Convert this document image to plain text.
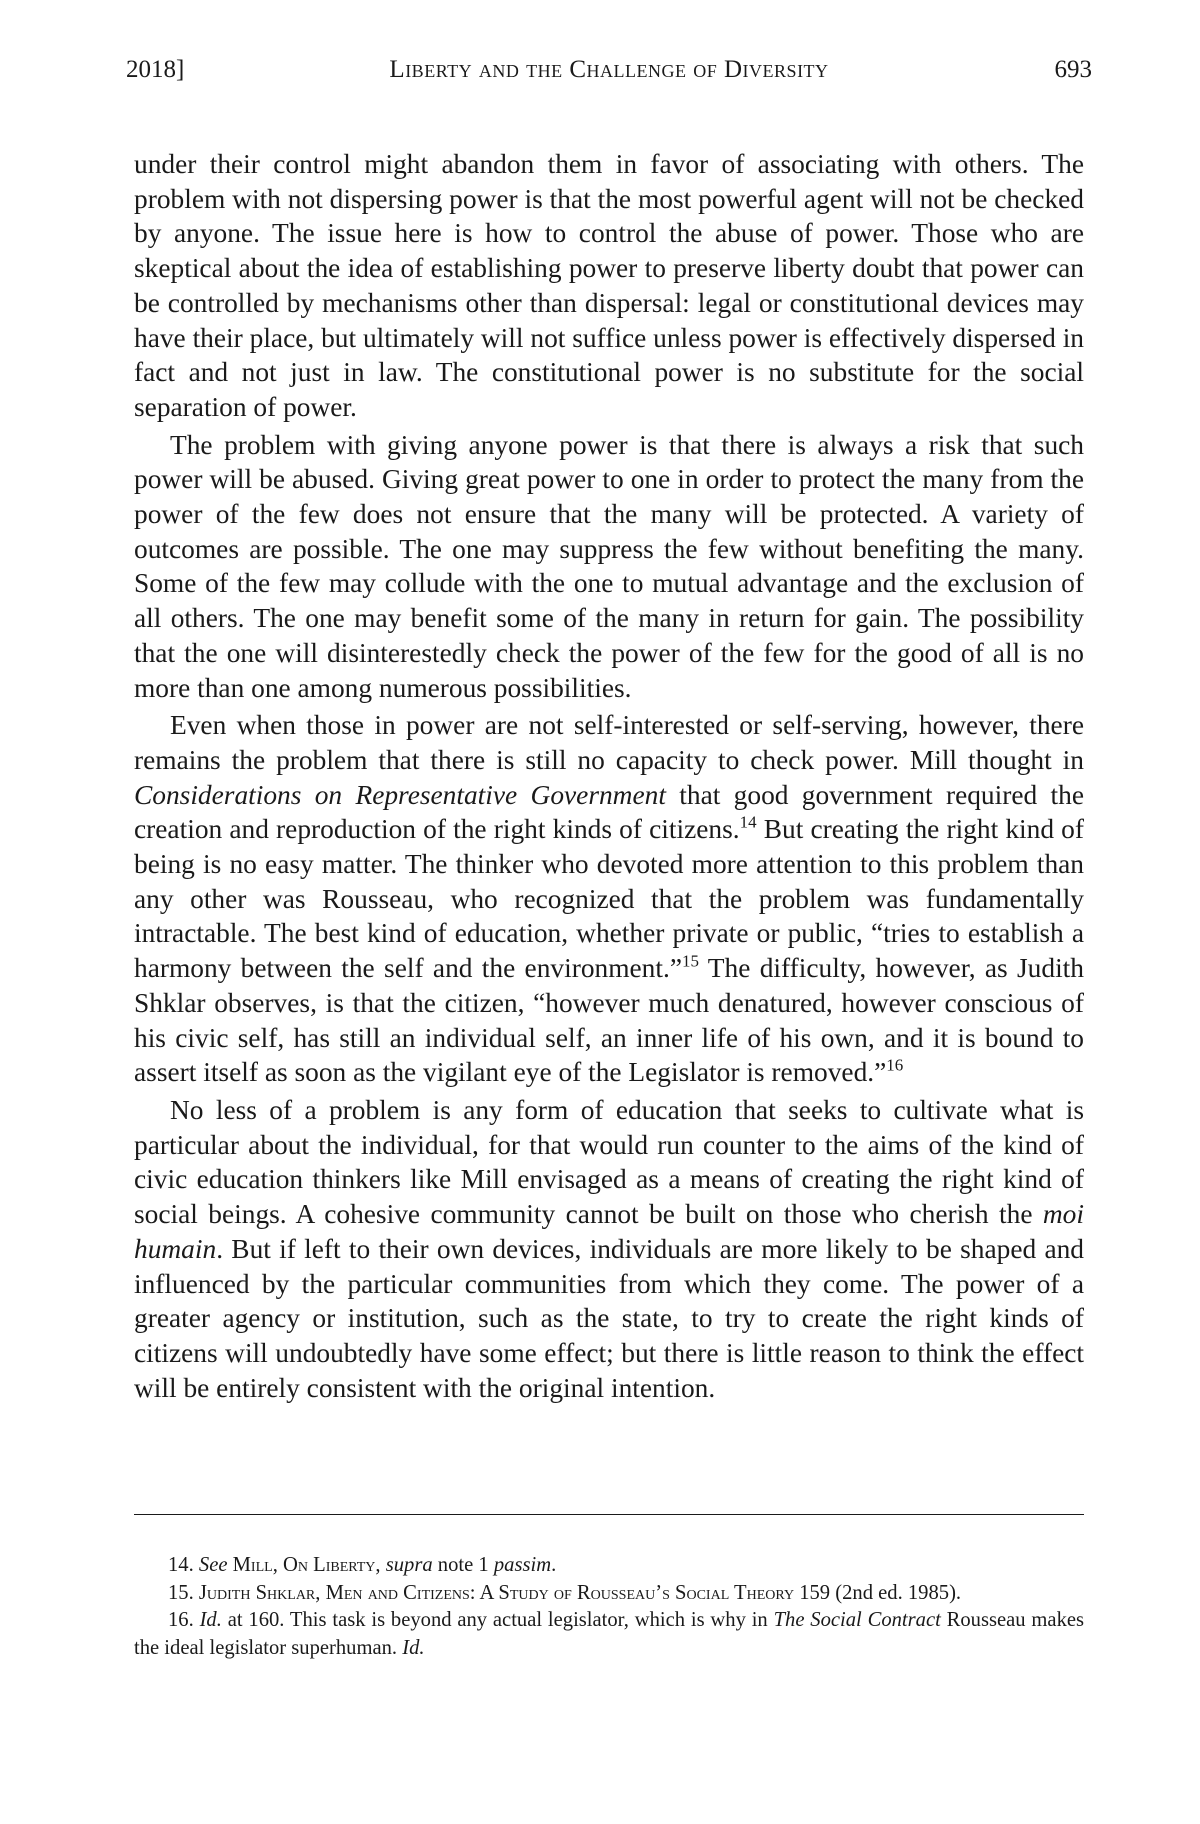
2018]	Liberty and the Challenge of Diversity	693

under their control might abandon them in favor of associating with others. The problem with not dispersing power is that the most powerful agent will not be checked by anyone. The issue here is how to control the abuse of power. Those who are skeptical about the idea of establishing power to preserve liberty doubt that power can be controlled by mechanisms other than dispersal: legal or constitutional devices may have their place, but ultimately will not suffice unless power is effectively dispersed in fact and not just in law. The constitutional power is no substitute for the social separation of power.

The problem with giving anyone power is that there is always a risk that such power will be abused. Giving great power to one in order to protect the many from the power of the few does not ensure that the many will be protected. A variety of outcomes are possible. The one may suppress the few without benefiting the many. Some of the few may collude with the one to mutual advantage and the exclusion of all others. The one may benefit some of the many in return for gain. The possibility that the one will disinterestedly check the power of the few for the good of all is no more than one among numerous possibilities.

Even when those in power are not self-interested or self-serving, however, there remains the problem that there is still no capacity to check power. Mill thought in Considerations on Representative Government that good government required the creation and reproduction of the right kinds of citizens.$^{14}$ But creating the right kind of being is no easy matter. The thinker who devoted more attention to this problem than any other was Rousseau, who recognized that the problem was fundamentally intractable. The best kind of education, whether private or public, “tries to establish a harmony between the self and the environment.”$^{15}$ The difficulty, however, as Judith Shklar observes, is that the citizen, “however much denatured, however conscious of his civic self, has still an individual self, an inner life of his own, and it is bound to assert itself as soon as the vigilant eye of the Legislator is removed.”$^{16}$

No less of a problem is any form of education that seeks to cultivate what is particular about the individual, for that would run counter to the aims of the kind of civic education thinkers like Mill envisaged as a means of creating the right kind of social beings. A cohesive community cannot be built on those who cherish the moi humain. But if left to their own devices, individuals are more likely to be shaped and influenced by the particular communities from which they come. The power of a greater agency or institution, such as the state, to try to create the right kinds of citizens will undoubtedly have some effect; but there is little reason to think the effect will be entirely consistent with the original intention.

14. See Mill, On Liberty, supra note 1 passim.

15. Judith Shklar, Men and Citizens: A Study of Rousseau’s Social Theory 159 (2nd ed. 1985).

16. Id. at 160. This task is beyond any actual legislator, which is why in The Social Contract Rousseau makes the ideal legislator superhuman. Id.
